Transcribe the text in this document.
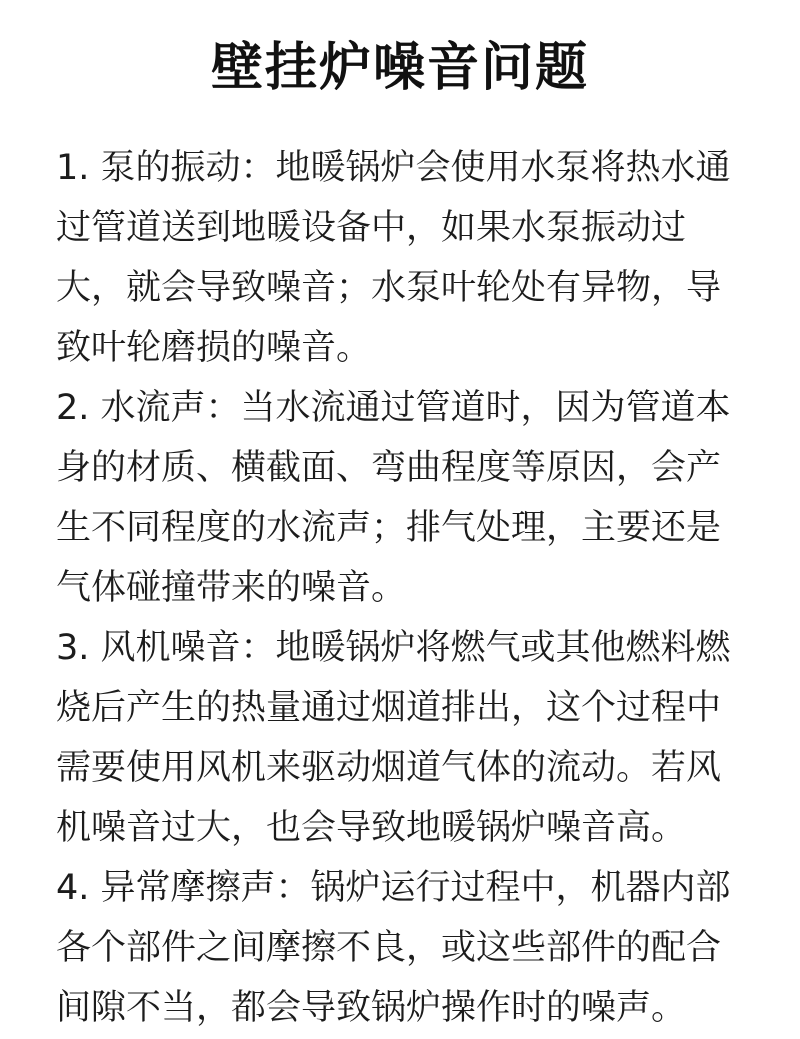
壁挂炉噪音问题
1. 泵的振动：地暖锅炉会使用水泵将热水通
过管道送到地暖设备中，如果水泵振动过
大，就会导致噪音；水泵叶轮处有异物，导
致叶轮磨损的噪音。
2. 水流声：当水流通过管道时，因为管道本
身的材质、横截面、弯曲程度等原因，会产
生不同程度的水流声；排气处理，主要还是
气体碰撞带来的噪音。
3. 风机噪音：地暖锅炉将燃气或其他燃料燃
烧后产生的热量通过烟道排出，这个过程中
需要使用风机来驱动烟道气体的流动。若风
机噪音过大，也会导致地暖锅炉噪音高。
4. 异常摩擦声：锅炉运行过程中，机器内部
各个部件之间摩擦不良，或这些部件的配合
间隙不当，都会导致锅炉操作时的噪声。
